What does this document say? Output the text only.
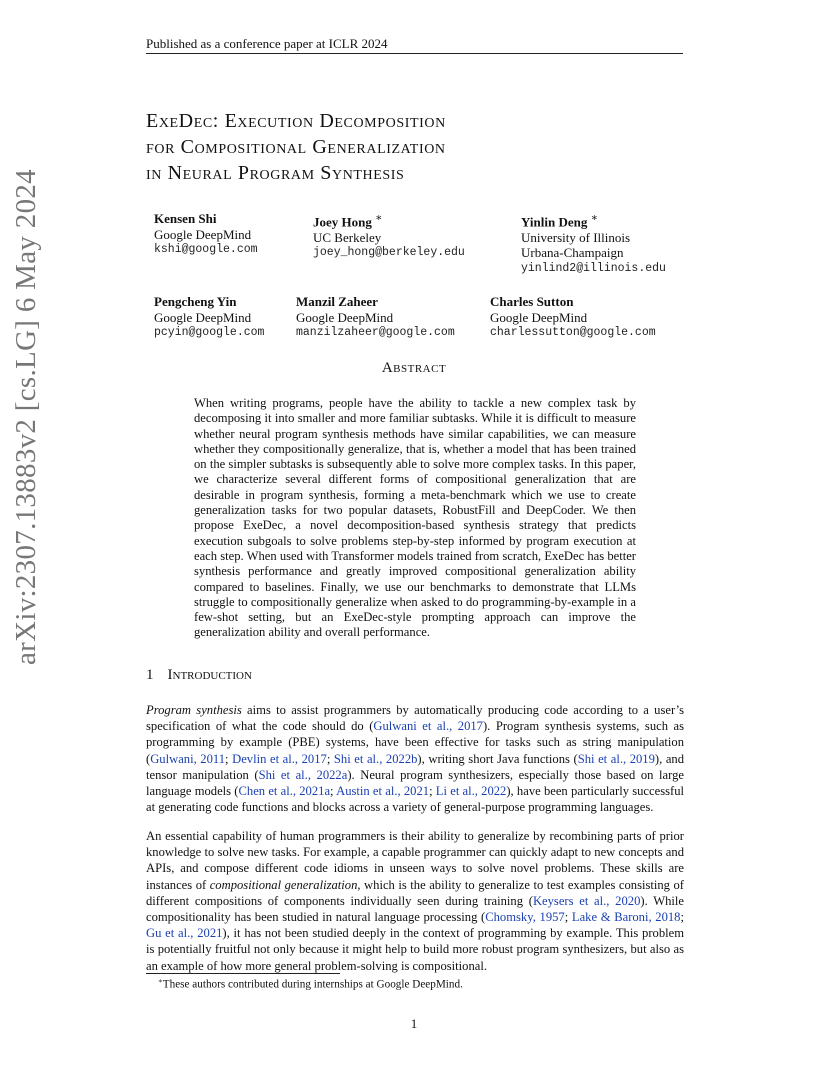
Published as a conference paper at ICLR 2024
arXiv:2307.13883v2 [cs.LG] 6 May 2024
ExeDec: Execution Decomposition
for Compositional Generalization
in Neural Program Synthesis
Kensen Shi
Google DeepMind
kshi@google.com
Joey Hong ∗
UC Berkeley
joey_hong@berkeley.edu
Yinlin Deng ∗
University of Illinois
Urbana-Champaign
yinlind2@illinois.edu
Pengcheng Yin
Google DeepMind
pcyin@google.com
Manzil Zaheer
Google DeepMind
manzilzaheer@google.com
Charles Sutton
Google DeepMind
charlessutton@google.com
Abstract
When writing programs, people have the ability to tackle a new complex task by decomposing it into smaller and more familiar subtasks. While it is difficult to measure whether neural program synthesis methods have similar capabilities, we can measure whether they compositionally generalize, that is, whether a model that has been trained on the simpler subtasks is subsequently able to solve more complex tasks. In this paper, we characterize several different forms of compositional generalization that are desirable in program synthesis, forming a meta-benchmark which we use to create generalization tasks for two popular datasets, RobustFill and DeepCoder. We then propose ExeDec, a novel decomposition-based synthesis strategy that predicts execution subgoals to solve problems step-by-step informed by program execution at each step. When used with Transformer models trained from scratch, ExeDec has better synthesis performance and greatly improved compositional generalization ability compared to baselines. Finally, we use our benchmarks to demonstrate that LLMs struggle to compositionally generalize when asked to do programming-by-example in a few-shot setting, but an ExeDec-style prompting approach can improve the generalization ability and overall performance.
1 Introduction
Program synthesis aims to assist programmers by automatically producing code according to a user’s specification of what the code should do (Gulwani et al., 2017). Program synthesis systems, such as programming by example (PBE) systems, have been effective for tasks such as string manipulation (Gulwani, 2011; Devlin et al., 2017; Shi et al., 2022b), writing short Java functions (Shi et al., 2019), and tensor manipulation (Shi et al., 2022a). Neural program synthesizers, especially those based on large language models (Chen et al., 2021a; Austin et al., 2021; Li et al., 2022), have been particularly successful at generating code functions and blocks across a variety of general-purpose programming languages.
An essential capability of human programmers is their ability to generalize by recombining parts of prior knowledge to solve new tasks. For example, a capable programmer can quickly adapt to new concepts and APIs, and compose different code idioms in unseen ways to solve novel problems. These skills are instances of compositional generalization, which is the ability to generalize to test examples consisting of different compositions of components individually seen during training (Keysers et al., 2020). While compositionality has been studied in natural language processing (Chomsky, 1957; Lake & Baroni, 2018; Gu et al., 2021), it has not been studied deeply in the context of programming by example. This problem is potentially fruitful not only because it might help to build more robust program synthesizers, but also as an example of how more general problem-solving is compositional.
∗These authors contributed during internships at Google DeepMind.
1
